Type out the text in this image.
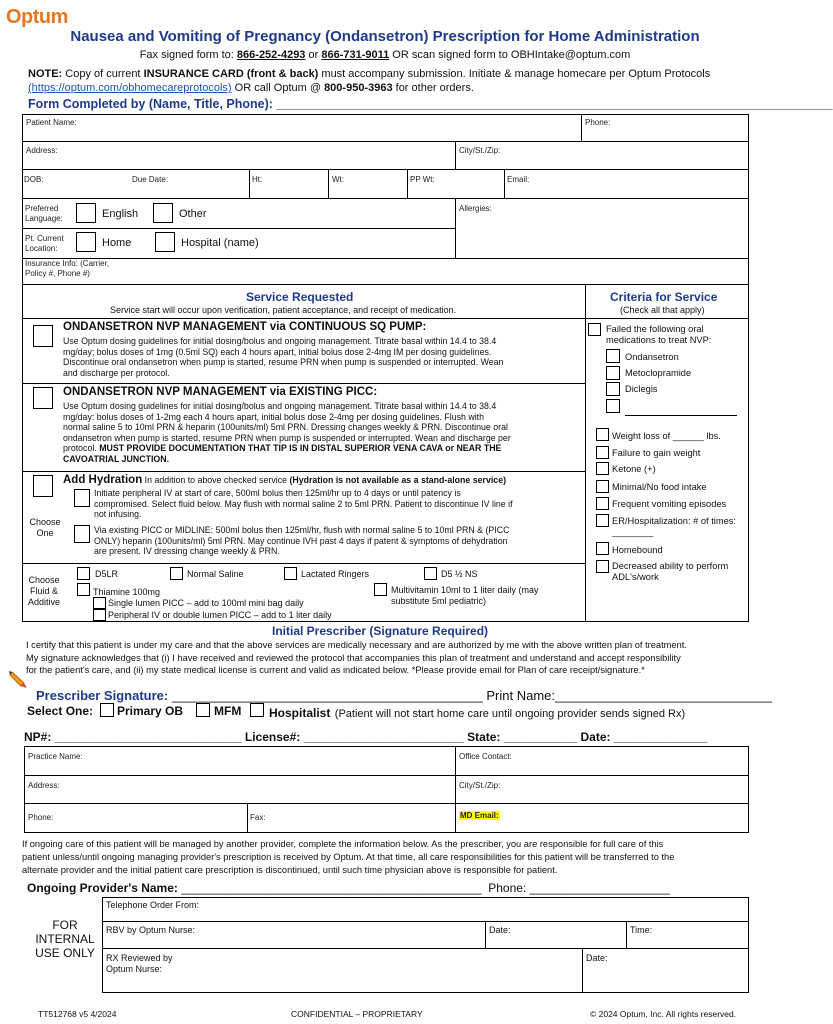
Optum
Nausea and Vomiting of Pregnancy (Ondansetron) Prescription for Home Administration
Fax signed form to: 866-252-4293 or 866-731-9011 OR scan signed form to OBHIntake@optum.com
NOTE: Copy of current INSURANCE CARD (front & back) must accompany submission. Initiate & manage homecare per Optum Protocols
(https://optum.com/obhomecareprotocols) OR call Optum @ 800-950-3963 for other orders.
Form Completed by (Name, Title, Phone): ________________________________________________________________________________
Patient Name:	Phone:
Address:	City/St./Zip:
DOB:	Due Date:	Ht:	Wt:	PP Wt:	Email:
Preferred
Language:	English	Other	Allergies:
Pt. Current
Location:	Home	Hospital (name)
Insurance Info: (Carrier,
Policy #, Phone #)
Service Requested
Service start will occur upon verification, patient acceptance, and receipt of medication.
ONDANSETRON NVP MANAGEMENT via CONTINUOUS SQ PUMP:
Use Optum dosing guidelines for initial dosing/bolus and ongoing management. Titrate basal within 14.4 to 38.4
mg/day; bolus doses of 1mg (0.5ml SQ) each 4 hours apart, initial bolus dose 2-4mg IM per dosing guidelines.
Discontinue oral ondansetron when pump is started, resume PRN when pump is suspended or interrupted. Wean
and discharge per protocol.
ONDANSETRON NVP MANAGEMENT via EXISTING PICC:
Use Optum dosing guidelines for initial dosing/bolus and ongoing management. Titrate basal within 14.4 to 38.4
mg/day: bolus doses of 1-2mg each 4 hours apart, initial bolus dose 2-4mg per dosing guidelines. Flush with
normal saline 5 to 10ml PRN & heparin (100units/ml) 5ml PRN. Dressing changes weekly & PRN. Discontinue oral
ondansetron when pump is started, resume PRN when pump is suspended or interrupted. Wean and discharge per
protocol. MUST PROVIDE DOCUMENTATION THAT TIP IS IN DISTAL SUPERIOR VENA CAVA or NEAR THE
CAVOATRIAL JUNCTION.
Add Hydration In addition to above checked service (Hydration is not available as a stand-alone service)
Initiate peripheral IV at start of care, 500ml bolus then 125ml/hr up to 4 days or until patency is
compromised. Select fluid below. May flush with normal saline 2 to 5ml PRN. Patient to discontinue IV line if
not infusing.
Choose
One	Via existing PICC or MIDLINE: 500ml bolus then 125ml/hr, flush with normal saline 5 to 10ml PRN & (PICC
ONLY) heparin (100units/ml) 5ml PRN. May continue IVH past 4 days if patent & symptoms of dehydration
are present. IV dressing change weekly & PRN.
Choose
Fluid &
Additive
D5LR	Normal Saline	Lactated Ringers	D5 ½ NS
Thiamine 100mg	Multivitamin 10ml to 1 liter daily (may
substitute 5ml pediatric)
Single lumen PICC – add to 100ml mini bag daily
Peripheral IV or double lumen PICC – add to 1 liter daily
Criteria for Service
(Check all that apply)
Failed the following oral
medications to treat NVP:
Ondansetron
Metoclopramide
Diclegis
Weight loss of ______ lbs.
Failure to gain weight
Ketone (+)
Minimal/No food intake
Frequent vomiting episodes
ER/Hospitalization: # of times:
________
Homebound
Decreased ability to perform
ADL's/work
Initial Prescriber (Signature Required)
I certify that this patient is under my care and that the above services are medically necessary and are authorized by me with the above written plan of treatment.
My signature acknowledges that (i) I have received and reviewed the protocol that accompanies this plan of treatment and understand and accept responsibility
for the patient's care, and (ii) my state medical license is current and valid as indicated below. *Please provide email for Plan of care receipt/signature.*
Prescriber Signature: ___________________________________________ Print Name:______________________________
Select One: Primary OB	MFM Hospitalist (Patient will not start home care until ongoing provider sends signed Rx)
NP#: ____________________________ License#: ________________________ State: ___________ Date: ______________
Practice Name:	Office Contact:
Address:	City/St./Zip:
Phone:	Fax:	MD Email:
If ongoing care of this patient will be managed by another provider, complete the information below. As the prescriber, you are responsible for full care of this
patient unless/until ongoing managing provider's prescription is received by Optum. At that time, all care responsibilities for this patient will be transferred to the
alternate provider and the initial patient care prescription is discontinued, until such time physician above is responsible for patient.
Ongoing Provider's Name: _____________________________________________ Phone: _____________________
FOR
INTERNAL
USE ONLY
Telephone Order From:
RBV by Optum Nurse:	Date:	Time:
RX Reviewed by
Optum Nurse:
Date:
TT512768 v5 4/2024	CONFIDENTIAL – PROPRIETARY	© 2024 Optum, Inc. All rights reserved.
